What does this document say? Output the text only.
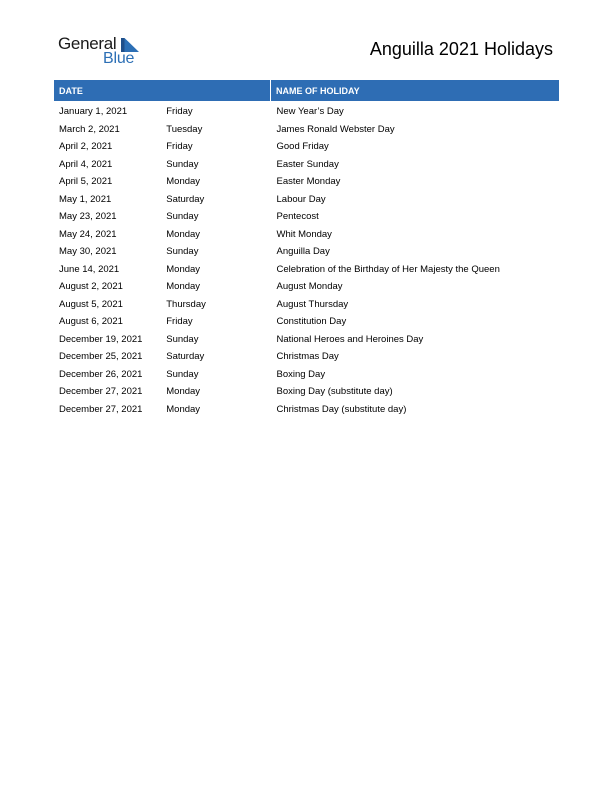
General
Blue	Anguilla 2021 Holidays
DATE		NAME OF HOLIDAY
January 1, 2021	Friday	New Year’s Day
March 2, 2021	Tuesday	James Ronald Webster Day
April 2, 2021	Friday	Good Friday
April 4, 2021	Sunday	Easter Sunday
April 5, 2021	Monday	Easter Monday
May 1, 2021	Saturday	Labour Day
May 23, 2021	Sunday	Pentecost
May 24, 2021	Monday	Whit Monday
May 30, 2021	Sunday	Anguilla Day
June 14, 2021	Monday	Celebration of the Birthday of Her Majesty the Queen
August 2, 2021	Monday	August Monday
August 5, 2021	Thursday	August Thursday
August 6, 2021	Friday	Constitution Day
December 19, 2021	Sunday	National Heroes and Heroines Day
December 25, 2021	Saturday	Christmas Day
December 26, 2021	Sunday	Boxing Day
December 27, 2021	Monday	Boxing Day (substitute day)
December 27, 2021	Monday	Christmas Day (substitute day)
